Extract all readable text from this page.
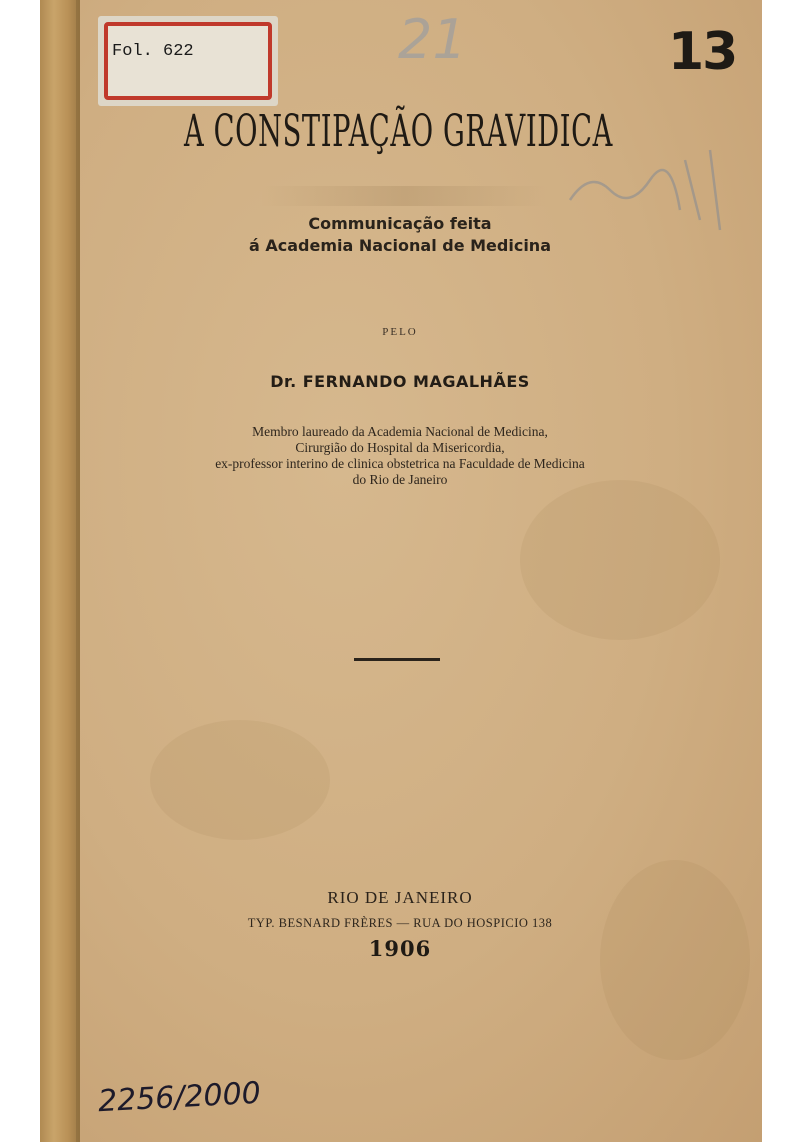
Fol. 622	21	13
A CONSTIPAÇÃO GRAVIDICA
Communicação feita
á Academia Nacional de Medicina
PELO
Dr. FERNANDO MAGALHÃES
Membro laureado da Academia Nacional de Medicina,
Cirurgião do Hospital da Misericordia,
ex-professor interino de clinica obstetrica na Faculdade de Medicina
do Rio de Janeiro
RIO DE JANEIRO
TYP. BESNARD FRÈRES — RUA DO HOSPICIO 138
1906
2256/2000
